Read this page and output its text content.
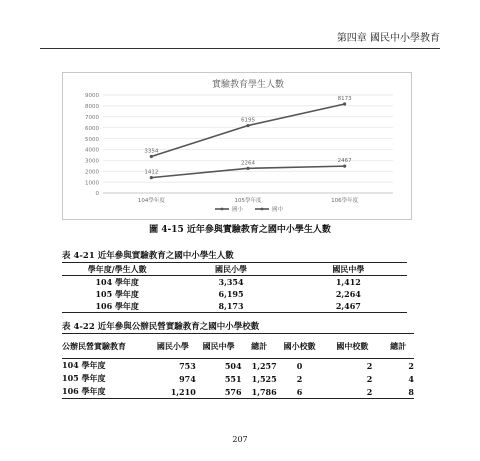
第四章 國民中小學教育
實驗教育學生人數
0
1000
2000
3000
4000
5000
6000
7000
8000
9000
104學年度	105學年度	106學年度
3354
6195
8173
1412
2264	2467
國小	國中
圖 4-15 近年參與實驗教育之國中小學生人數
表 4-21 近年參與實驗教育之國中小學生人數
學年度/學生人數	國民小學	國民中學
104 學年度	3,354	1,412
105 學年度	6,195	2,264
106 學年度	8,173	2,467
表 4-22 近年參與公辦民營實驗教育之國中小學校數
公辦民營實驗教育	國民小學	國民中學	總計	國小校數	國中校數	總計
104 學年度	753	504	1,257	0	2	2
105 學年度	974	551	1,525	2	2	4
106 學年度	1,210	576	1,786	6	2	8
207
